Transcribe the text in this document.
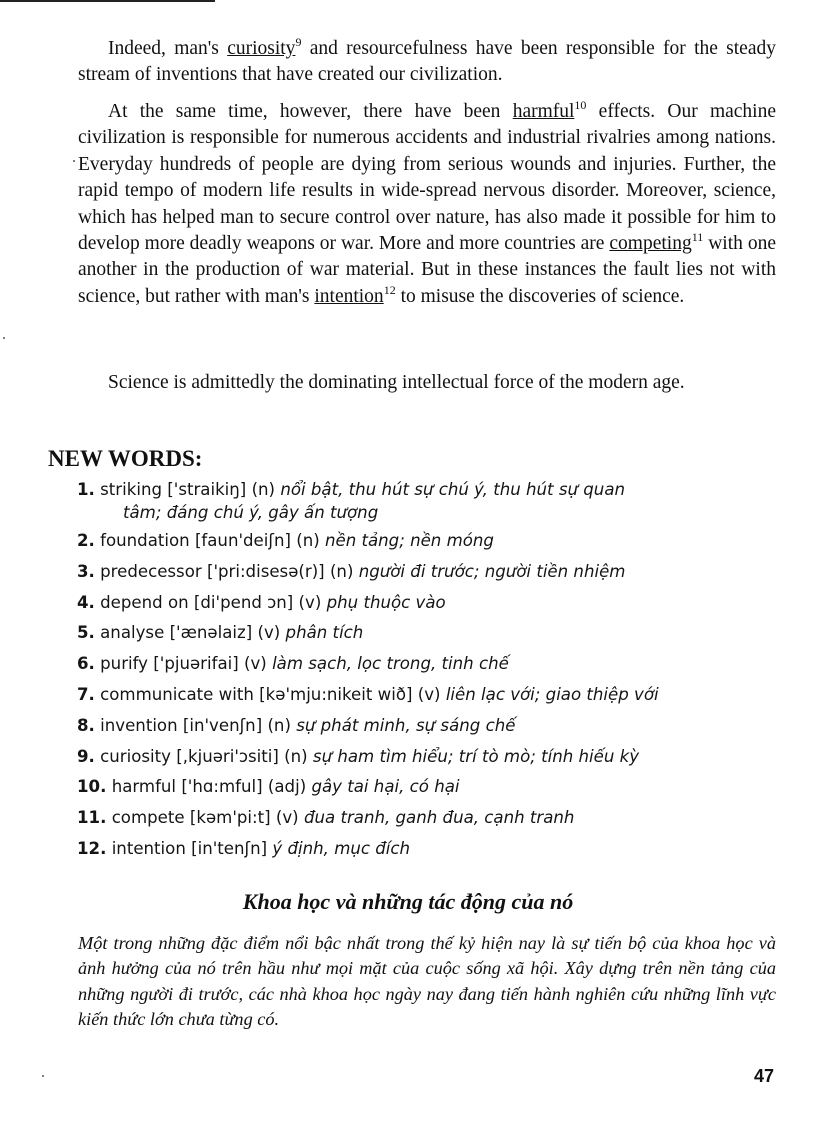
Indeed, man's curiosity$^9$ and resourcefulness have been responsible for the steady stream of inventions that have created our civilization.

At the same time, however, there have been harmful$^{10}$ effects. Our machine civilization is responsible for numerous accidents and industrial rivalries among nations. Everyday hundreds of people are dying from serious wounds and injuries. Further, the rapid tempo of modern life results in wide-spread nervous disorder. Moreover, science, which has helped man to secure control over nature, has also made it possible for him to develop more deadly weapons or war. More and more countries are competing$^{11}$ with one another in the production of war material. But in these instances the fault lies not with science, but rather with man's intention$^{12}$ to misuse the discoveries of science.

Science is admittedly the dominating intellectual force of the modern age.

NEW WORDS:
1. striking ['straikiŋ] (n) nổi bật, thu hút sự chú ý, thu hút sự quan
tâm; đáng chú ý, gây ấn tượng
2. foundation [faun'deiʃn] (n) nền tảng; nền móng
3. predecessor ['pri:disesə(r)] (n) người đi trước; người tiền nhiệm
4. depend on [di'pend ɔn] (v) phụ thuộc vào
5. analyse ['ænəlaiz] (v) phân tích
6. purify ['pjuərifai] (v) làm sạch, lọc trong, tinh chế
7. communicate with [kə'mju:nikeit wið] (v) liên lạc với; giao thiệp với
8. invention [in'venʃn] (n) sự phát minh, sự sáng chế
9. curiosity [,kjuəri'ɔsiti] (n) sự ham tìm hiểu; trí tò mò; tính hiếu kỳ
10. harmful ['hɑ:mful] (adj) gây tai hại, có hại
11. compete [kəm'pi:t] (v) đua tranh, ganh đua, cạnh tranh
12. intention [in'tenʃn] ý định, mục đích
Khoa học và những tác động của nó

Một trong những đặc điểm nổi bậc nhất trong thế kỷ hiện nay là sự tiến bộ của khoa học và ảnh hưởng của nó trên hầu như mọi mặt của cuộc sống xã hội. Xây dựng trên nền tảng của những người đi trước, các nhà khoa học ngày nay đang tiến hành nghiên cứu những lĩnh vực kiến thức lớn chưa từng có.

47
